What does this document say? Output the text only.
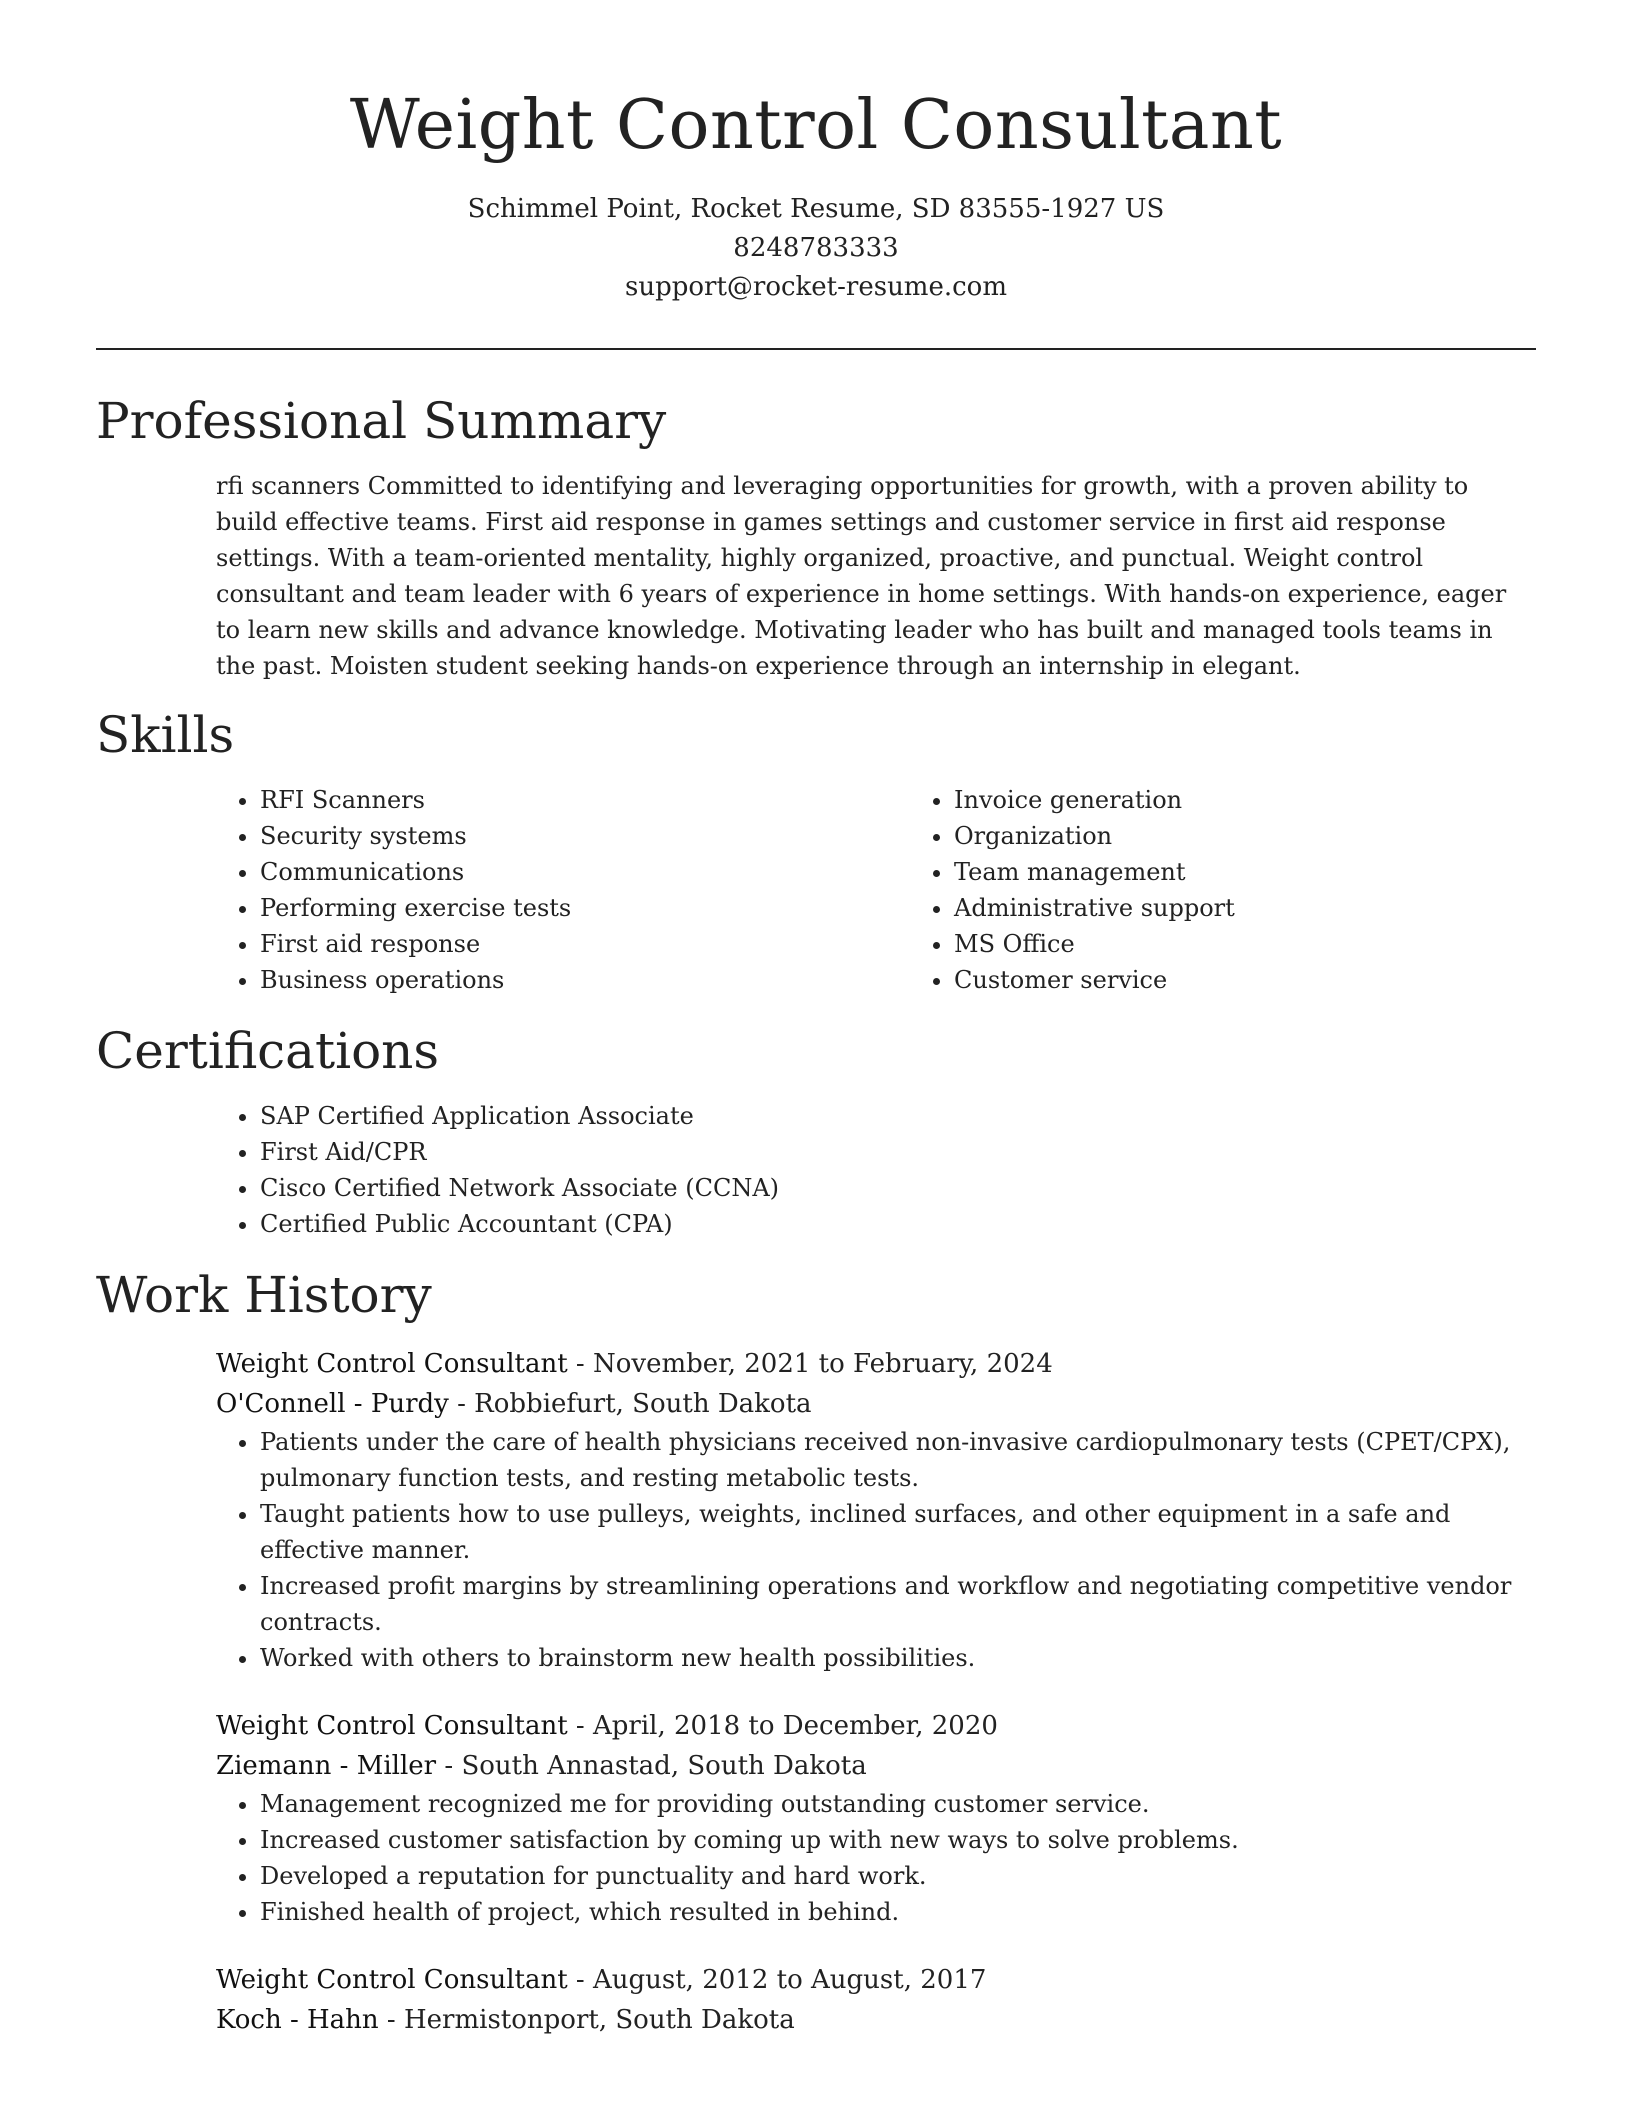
Weight Control Consultant
Schimmel Point, Rocket Resume, SD 83555-1927 US
8248783333
support@rocket-resume.com
Professional Summary

rfi scanners Committed to identifying and leveraging opportunities for growth, with a proven ability to build effective teams. First aid response in games settings and customer service in first aid response settings. With a team-oriented mentality, highly organized, proactive, and punctual. Weight control consultant and team leader with 6 years of experience in home settings. With hands-on experience, eager to learn new skills and advance knowledge. Motivating leader who has built and managed tools teams in the past. Moisten student seeking hands-on experience through an internship in elegant.

Skills
• RFI Scanners
• Security systems
• Communications
• Performing exercise tests
• First aid response
• Business operations
• Invoice generation
• Organization
• Team management
• Administrative support
• MS Office
• Customer service
Certifications
• SAP Certified Application Associate
• First Aid/CPR
• Cisco Certified Network Associate (CCNA)
• Certified Public Accountant (CPA)
Work History

Weight Control Consultant - November, 2021 to February, 2024

O'Connell - Purdy - Robbiefurt, South Dakota

• Patients under the care of health physicians received non-invasive cardiopulmonary tests (CPET/CPX), pulmonary function tests, and resting metabolic tests.
• Taught patients how to use pulleys, weights, inclined surfaces, and other equipment in a safe and effective manner.
• Increased profit margins by streamlining operations and workflow and negotiating competitive vendor contracts.
• Worked with others to brainstorm new health possibilities.

Weight Control Consultant - April, 2018 to December, 2020

Ziemann - Miller - South Annastad, South Dakota

• Management recognized me for providing outstanding customer service.
• Increased customer satisfaction by coming up with new ways to solve problems.
• Developed a reputation for punctuality and hard work.
• Finished health of project, which resulted in behind.

Weight Control Consultant - August, 2012 to August, 2017

Koch - Hahn - Hermistonport, South Dakota
